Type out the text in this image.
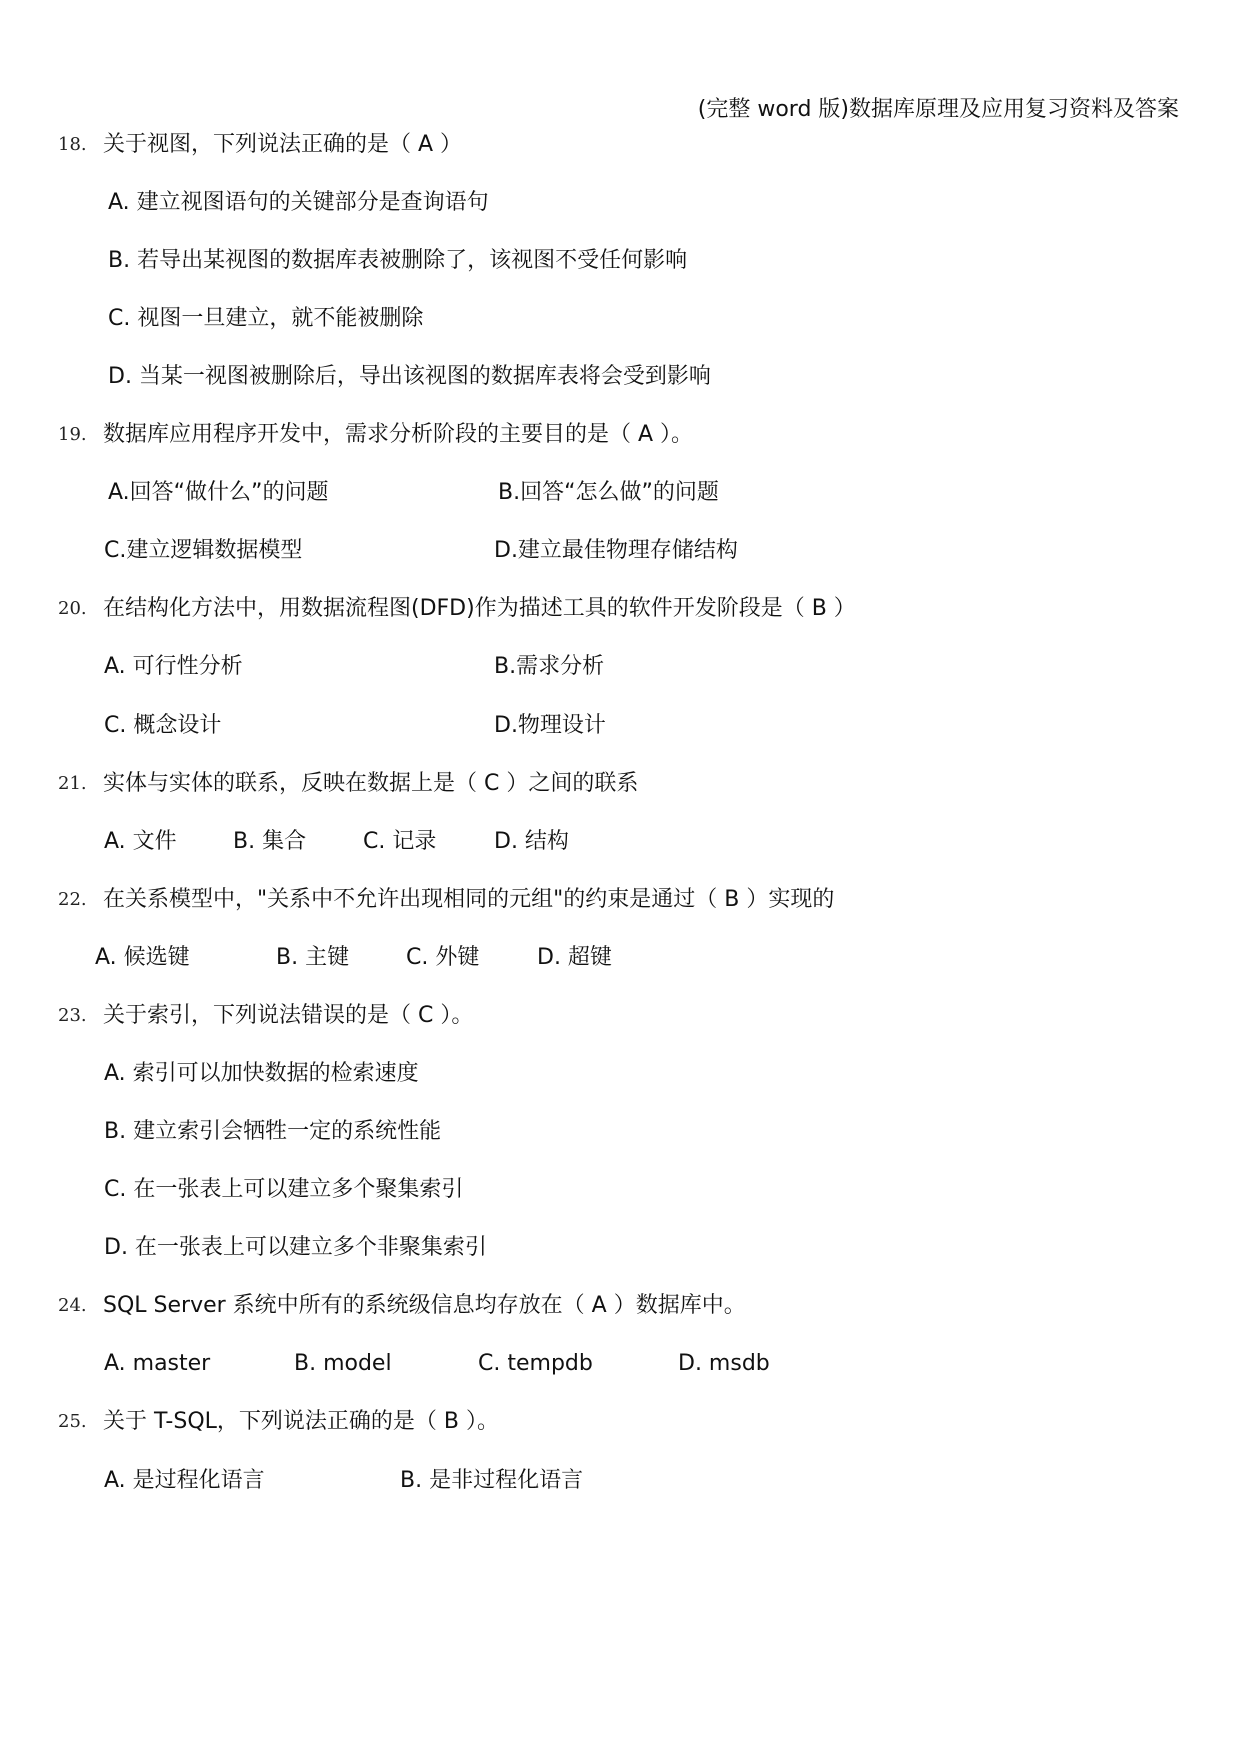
(完整 word 版)数据库原理及应用复习资料及答案
18. 关于视图，下列说法正确的是（ A ）
A. 建立视图语句的关键部分是查询语句
B. 若导出某视图的数据库表被删除了，该视图不受任何影响
C. 视图一旦建立，就不能被删除
D. 当某一视图被删除后，导出该视图的数据库表将会受到影响
19. 数据库应用程序开发中，需求分析阶段的主要目的是（ A ）。
A.回答“做什么”的问题	B.回答“怎么做”的问题
C.建立逻辑数据模型	D.建立最佳物理存储结构
20. 在结构化方法中，用数据流程图(DFD)作为描述工具的软件开发阶段是（ B ）
A. 可行性分析	B.需求分析
C. 概念设计	D.物理设计
21. 实体与实体的联系，反映在数据上是（ C ）之间的联系
A. 文件	B. 集合	C. 记录	D. 结构
22. 在关系模型中，"关系中不允许出现相同的元组"的约束是通过（ B ）实现的
A. 候选键	B. 主键	C. 外键	D. 超键
23. 关于索引，下列说法错误的是（ C ）。
A. 索引可以加快数据的检索速度
B. 建立索引会牺牲一定的系统性能
C. 在一张表上可以建立多个聚集索引
D. 在一张表上可以建立多个非聚集索引
24. SQL Server 系统中所有的系统级信息均存放在（ A ）数据库中。
A. master	B. model	C. tempdb	D. msdb
25. 关于 T-SQL，下列说法正确的是（ B ）。
A. 是过程化语言	B. 是非过程化语言
